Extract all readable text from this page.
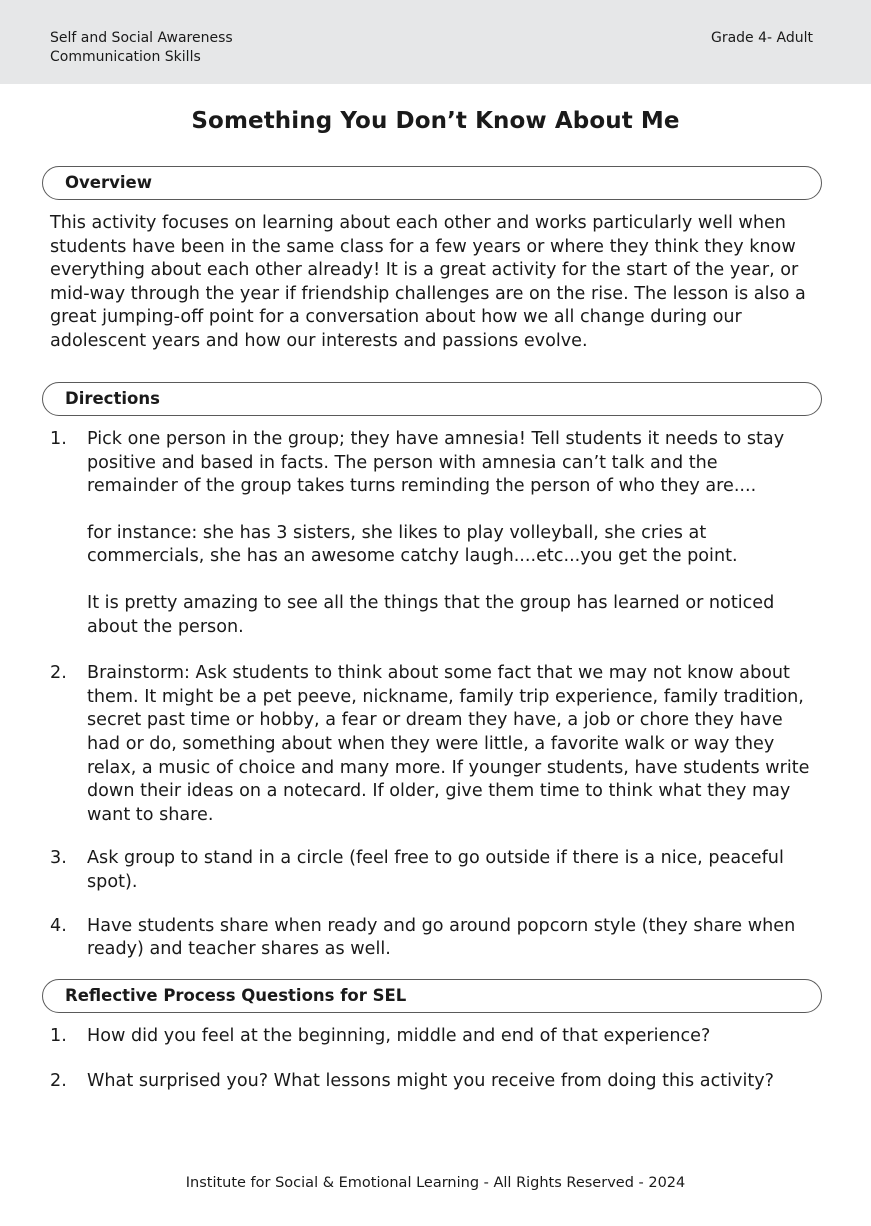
Self and Social Awareness
Communication Skills
Grade 4- Adult
Something You Don’t Know About Me
Overview
This activity focuses on learning about each other and works particularly well when students have been in the same class for a few years or where they think they know everything about each other already! It is a great activity for the start of the year, or mid-way through the year if friendship challenges are on the rise. The lesson is also a great jumping-off point for a conversation about how we all change during our adolescent years and how our interests and passions evolve.
Directions
1. Pick one person in the group; they have amnesia! Tell students it needs to stay positive and based in facts. The person with amnesia can’t talk and the remainder of the group takes turns reminding the person of who they are....

for instance: she has 3 sisters, she likes to play volleyball, she cries at commercials, she has an awesome catchy laugh....etc...you get the point.

It is pretty amazing to see all the things that the group has learned or noticed about the person.

2. Brainstorm: Ask students to think about some fact that we may not know about them. It might be a pet peeve, nickname, family trip experience, family tradition, secret past time or hobby, a fear or dream they have, a job or chore they have had or do, something about when they were little, a favorite walk or way they relax, a music of choice and many more. If younger students, have students write down their ideas on a notecard. If older, give them time to think what they may want to share.

3. Ask group to stand in a circle (feel free to go outside if there is a nice, peaceful spot).

4. Have students share when ready and go around popcorn style (they share when ready) and teacher shares as well.

Reflective Process Questions for SEL
1. How did you feel at the beginning, middle and end of that experience?

2. What surprised you? What lessons might you receive from doing this activity?

Institute for Social & Emotional Learning - All Rights Reserved - 2024
